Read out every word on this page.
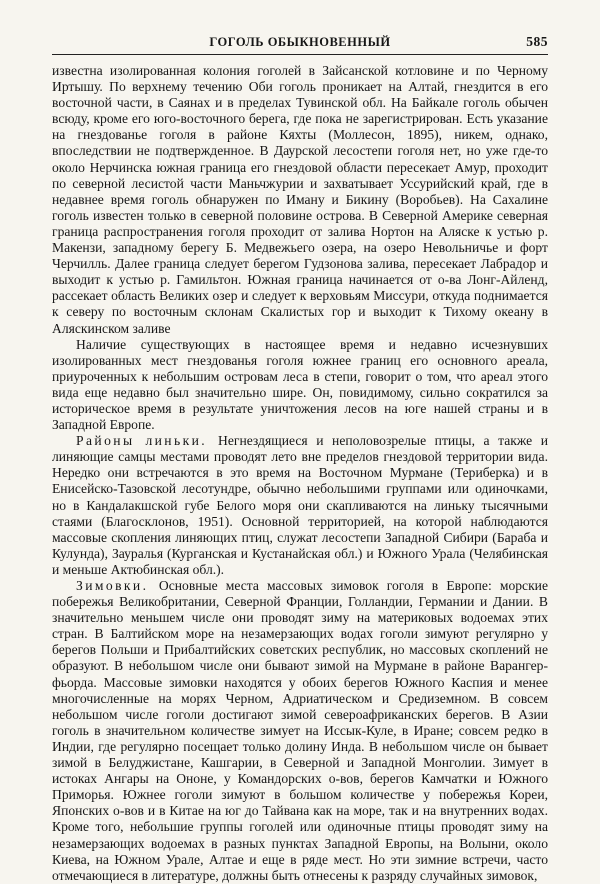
ГОГОЛЬ ОБЫКНОВЕННЫЙ	585

известна изолированная колония гоголей в Зайсанской котловине и по Черному Иртышу. По верхнему течению Оби гоголь проникает на Алтай, гнездится в его восточной части, в Саянах и в пределах Тувинской обл. На Байкале гоголь обычен всюду, кроме его юго-восточного берега, где пока не зарегистрирован. Есть указание на гнездованье гоголя в районе Кяхты (Моллесон, 1895), никем, однако, впоследствии не подтвержденное. В Даурской лесостепи гоголя нет, но уже где-то около Нерчинска южная граница его гнездовой области пересекает Амур, проходит по северной лесистой части Маньчжурии и захватывает Уссурийский край, где в недавнее время гоголь обнаружен по Иману и Бикину (Воробьев). На Сахалине гоголь известен только в северной половине острова. В Северной Америке северная граница распространения гоголя проходит от залива Нортон на Аляске к устью р. Макензи, западному берегу Б. Медвежьего озера, на озеро Невольничье и форт Черчилль. Далее граница следует берегом Гудзонова залива, пересекает Лабрадор и выходит к устью р. Гамильтон. Южная граница начинается от о-ва Лонг-Айленд, рассекает область Великих озер и следует к верховьям Миссури, откуда поднимается к северу по восточным склонам Скалистых гор и выходит к Тихому океану в Аляскинском заливе

Наличие существующих в настоящее время и недавно исчезнувших изолированных мест гнездованья гоголя южнее границ его основного ареала, приуроченных к небольшим островам леса в степи, говорит о том, что ареал этого вида еще недавно был значительно шире. Он, повидимому, сильно сократился за историческое время в результате уничтожения лесов на юге нашей страны и в Западной Европе.

Районы линьки. Негнездящиеся и неполовозрелые птицы, а также и линяющие самцы местами проводят лето вне пределов гнездовой территории вида. Нередко они встречаются в это время на Восточном Мурмане (Териберка) и в Енисейско-Тазовской лесотундре, обычно небольшими группами или одиночками, но в Кандалакшской губе Белого моря они скапливаются на линьку тысячными стаями (Благосклонов, 1951). Основной территорией, на которой наблюдаются массовые скопления линяющих птиц, служат лесостепи Западной Сибири (Бараба и Кулунда), Зауралья (Курганская и Кустанайская обл.) и Южного Урала (Челябинская и меньше Актюбинская обл.).

Зимовки. Основные места массовых зимовок гоголя в Европе: морские побережья Великобритании, Северной Франции, Голландии, Германии и Дании. В значительно меньшем числе они проводят зиму на материковых водоемах этих стран. В Балтийском море на незамерзающих водах гоголи зимуют регулярно у берегов Польши и Прибалтийских советских республик, но массовых скоплений не образуют. В небольшом числе они бывают зимой на Мурмане в районе Варангер-фьорда. Массовые зимовки находятся у обоих берегов Южного Каспия и менее многочисленные на морях Черном, Адриатическом и Средиземном. В совсем небольшом числе гоголи достигают зимой североафриканских берегов. В Азии гоголь в значительном количестве зимует на Иссык-Куле, в Иране; совсем редко в Индии, где регулярно посещает только долину Инда. В небольшом числе он бывает зимой в Белуджистане, Кашгарии, в Северной и Западной Монголии. Зимует в истоках Ангары на Ононе, у Командорских о-вов, берегов Камчатки и Южного Приморья. Южнее гоголи зимуют в большом количестве у побережья Кореи, Японских о-вов и в Китае на юг до Тайвана как на море, так и на внутренних водах. Кроме того, небольшие группы гоголей или одиночные птицы проводят зиму на незамерзающих водоемах в разных пунктах Западной Европы, на Волыни, около Киева, на Южном Урале, Алтае и еще в ряде мест. Но эти зимние встречи, часто отмечающиеся в литературе, должны быть отнесены к разряду случайных зимовок,
